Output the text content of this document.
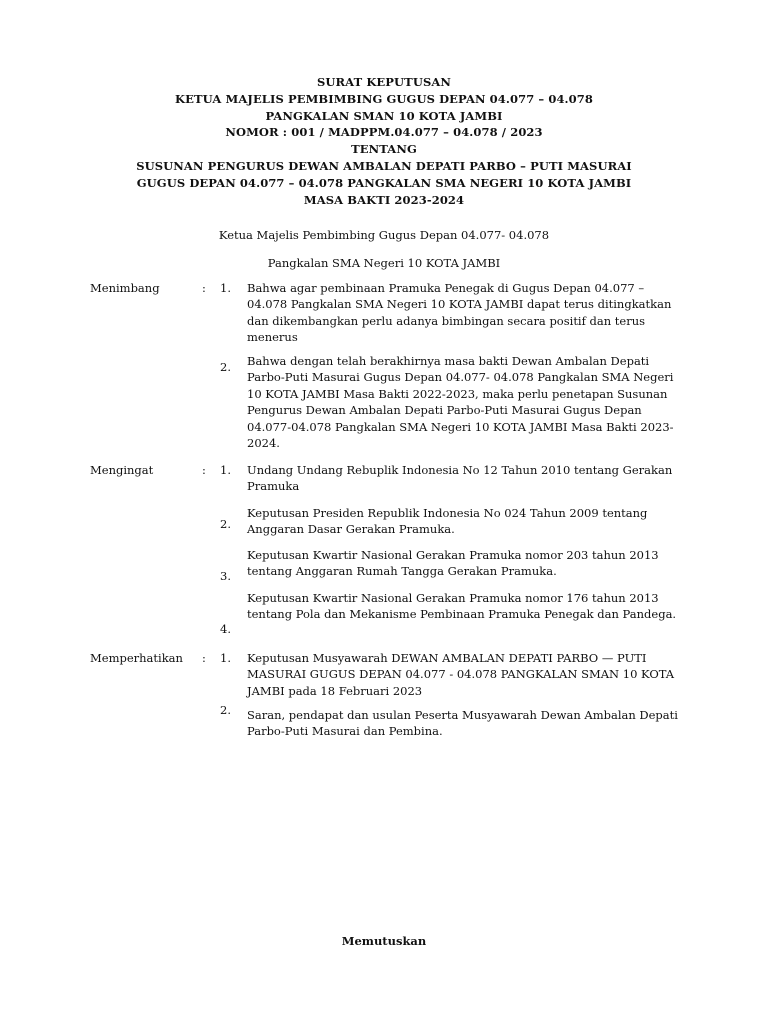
SURAT KEPUTUSAN
KETUA MAJELIS PEMBIMBING GUGUS DEPAN 04.077 – 04.078
PANGKALAN SMAN 10 KOTA JAMBI
NOMOR : 001 / MADPPM.04.077 – 04.078 / 2023
TENTANG
SUSUNAN PENGURUS DEWAN AMBALAN DEPATI PARBO – PUTI MASURAI
GUGUS DEPAN 04.077 – 04.078 PANGKALAN SMA NEGERI 10 KOTA JAMBI
MASA BAKTI 2023-2024
Ketua Majelis Pembimbing Gugus Depan 04.077- 04.078
Pangkalan SMA Negeri 10 KOTA JAMBI
Menimbang	: 1. Bahwa agar pembinaan Pramuka Penegak di Gugus Depan 04.077 – 04.078 Pangkalan SMA Negeri 10 KOTA JAMBI dapat terus ditingkatkan dan dikembangkan perlu adanya bimbingan secara positif dan terus menerus
2. Bahwa dengan telah berakhirnya masa bakti Dewan Ambalan Depati Parbo-Puti Masurai Gugus Depan 04.077- 04.078 Pangkalan SMA Negeri 10 KOTA JAMBI Masa Bakti 2022-2023, maka perlu penetapan Susunan Pengurus Dewan Ambalan Depati Parbo-Puti Masurai Gugus Depan 04.077-04.078 Pangkalan SMA Negeri 10 KOTA JAMBI Masa Bakti 2023-2024.
Mengingat	: 1. Undang Undang Rebuplik Indonesia No 12 Tahun 2010 tentang Gerakan Pramuka
2.
Keputusan Presiden Republik Indonesia No 024 Tahun 2009 tentang Anggaran Dasar Gerakan Pramuka.
3.
Keputusan Kwartir Nasional Gerakan Pramuka nomor 203 tahun 2013 tentang Anggaran Rumah Tangga Gerakan Pramuka.
4.
Keputusan Kwartir Nasional Gerakan Pramuka nomor 176 tahun 2013 tentang Pola dan Mekanisme Pembinaan Pramuka Penegak dan Pandega.
Memperhatikan : 1. Keputusan Musyawarah DEWAN AMBALAN DEPATI PARBO — PUTI MASURAI GUGUS DEPAN 04.077 - 04.078 PANGKALAN SMAN 10 KOTA JAMBI pada 18 Februari 2023
2. Saran, pendapat dan usulan Peserta Musyawarah Dewan Ambalan Depati Parbo-Puti Masurai dan Pembina.
Memutuskan
